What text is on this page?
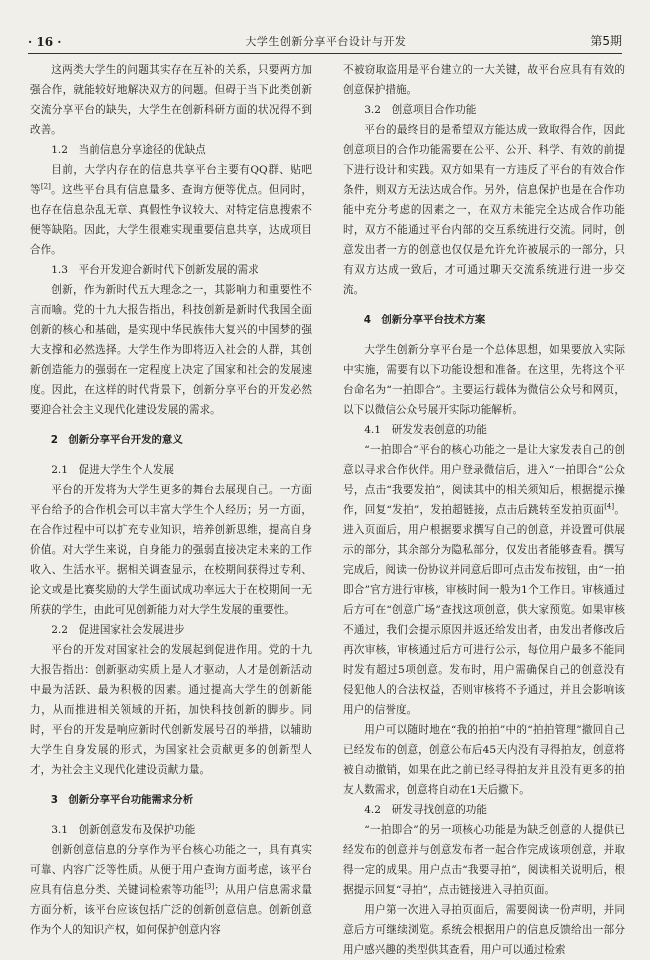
· 16 ·	大学生创新分享平台设计与开发	第5期
这两类大学生的问题其实存在互补的关系，只要两方加强合作，就能较好地解决双方的问题。但碍于当下此类创新交流分享平台的缺失，大学生在创新科研方面的状况得不到改善。
1.2　当前信息分享途径的优缺点
目前，大学内存在的信息共享平台主要有QQ群、贴吧等[2]。这些平台具有信息量多、查询方便等优点。但同时，也存在信息杂乱无章、真假性争议较大、对特定信息搜索不便等缺陷。因此，大学生很难实现重要信息共享，达成项目合作。
1.3　平台开发迎合新时代下创新发展的需求
创新，作为新时代五大理念之一，其影响力和重要性不言而喻。党的十九大报告指出，科技创新是新时代我国全面创新的核心和基础，是实现中华民族伟大复兴的中国梦的强大支撑和必然选择。大学生作为即将迈入社会的人群，其创新创造能力的强弱在一定程度上决定了国家和社会的发展速度。因此，在这样的时代背景下，创新分享平台的开发必然要迎合社会主义现代化建设发展的需求。
2　创新分享平台开发的意义
2.1　促进大学生个人发展
平台的开发将为大学生更多的舞台去展现自己。一方面平台给予的合作机会可以丰富大学生个人经历；另一方面，在合作过程中可以扩充专业知识，培养创新思维，提高自身价值。对大学生来说，自身能力的强弱直接决定未来的工作收入、生活水平。据相关调查显示，在校期间获得过专利、论文或是比赛奖励的大学生面试成功率远大于在校期间一无所获的学生，由此可见创新能力对大学生发展的重要性。
2.2　促进国家社会发展进步
平台的开发对国家社会的发展起到促进作用。党的十九大报告指出：创新驱动实质上是人才驱动，人才是创新活动中最为活跃、最为积极的因素。通过提高大学生的创新能力，从而推进相关领域的开拓，加快科技创新的脚步。同时，平台的开发是响应新时代创新发展号召的举措，以辅助大学生自身发展的形式，为国家社会贡献更多的创新型人才，为社会主义现代化建设贡献力量。
3　创新分享平台功能需求分析
3.1　创新创意发布及保护功能
创新创意信息的分享作为平台核心功能之一，具有真实可靠、内容广泛等性质。从便于用户查询方面考虑，该平台应具有信息分类、关键词检索等功能[3]；从用户信息需求量方面分析，该平台应该包括广泛的创新创意信息。创新创意作为个人的知识产权，如何保护创意内容
不被窃取盗用是平台建立的一大关键，故平台应具有有效的创意保护措施。
3.2　创意项目合作功能
平台的最终目的是希望双方能达成一致取得合作，因此创意项目的合作功能需要在公平、公开、科学、有效的前提下进行设计和实践。双方如果有一方违反了平台的有效合作条件，则双方无法达成合作。另外，信息保护也是在合作功能中充分考虑的因素之一，在双方未能完全达成合作功能时，双方不能通过平台内部的交互系统进行交流。同时，创意发出者一方的创意也仅仅是允许允许被展示的一部分，只有双方达成一致后，才可通过聊天交流系统进行进一步交流。
4　创新分享平台技术方案
大学生创新分享平台是一个总体思想，如果要放入实际中实施，需要有以下功能设想和准备。在这里，先将这个平台命名为“一拍即合”。主要运行载体为微信公众号和网页，以下以微信公众号展开实际功能解析。
4.1　研发发表创意的功能
“一拍即合”平台的核心功能之一是让大家发表自己的创意以寻求合作伙伴。用户登录微信后，进入“一拍即合”公众号，点击“我要发拍”，阅读其中的相关须知后，根据提示操作，回复“发拍”，发拍超链接，点击后跳转至发拍页面[4]。进入页面后，用户根据要求撰写自己的创意，并设置可供展示的部分，其余部分为隐私部分，仅发出者能够查看。撰写完成后，阅读一份协议并同意后即可点击发布按钮，由“一拍即合”官方进行审核，审核时间一般为1个工作日。审核通过后方可在“创意广场”查找这项创意，供大家预览。如果审核不通过，我们会提示原因并返还给发出者，由发出者修改后再次审核，审核通过后方可进行公示，每位用户最多不能同时发有超过5项创意。发布时，用户需确保自己的创意没有侵犯他人的合法权益，否则审核将不予通过，并且会影响该用户的信誉度。
用户可以随时地在“我的拍拍”中的“拍拍管理”撤回自己已经发布的创意，创意公布后45天内没有寻得拍友，创意将被自动撤销，如果在此之前已经寻得拍友并且没有更多的拍友人数需求，创意将自动在1天后撤下。
4.2　研发寻找创意的功能
“一拍即合”的另一项核心功能是为缺乏创意的人提供已经发布的创意并与创意发布者一起合作完成该项创意，并取得一定的成果。用户点击“我要寻拍”，阅读相关说明后，根据提示回复“寻拍”，点击链接进入寻拍页面。
用户第一次进入寻拍页面后，需要阅读一份声明，并同意后方可继续浏览。系统会根据用户的信息反馈给出一部分用户感兴趣的类型供其查看，用户可以通过检索
